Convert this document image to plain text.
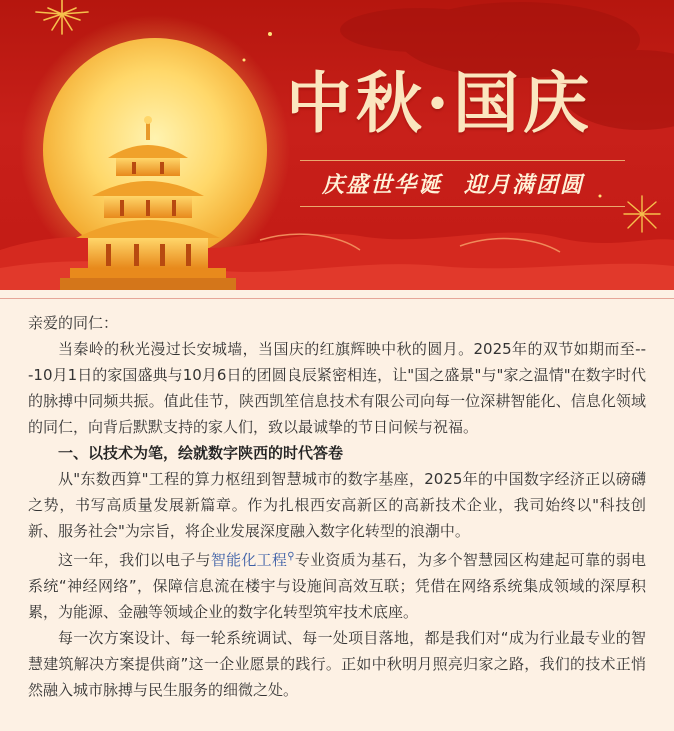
中秋·国庆
庆盛世华诞 迎月满团圆

亲爱的同仁：

当秦岭的秋光漫过长安城墙，当国庆的红旗辉映中秋的圆月。2025年的双节如期而至---10月1日的家国盛典与10月6日的团圆良辰紧密相连，让"国之盛景"与"家之温情"在数字时代的脉搏中同频共振。值此佳节，陕西凯笙信息技术有限公司向每一位深耕智能化、信息化领域的同仁，向背后默默支持的家人们，致以最诚挚的节日问候与祝福。

一、以技术为笔，绘就数字陕西的时代答卷

从"东数西算"工程的算力枢纽到智慧城市的数字基座，2025年的中国数字经济正以磅礴之势，书写高质量发展新篇章。作为扎根西安高新区的高新技术企业，我司始终以"科技创新、服务社会"为宗旨，将企业发展深度融入数字化转型的浪潮中。

这一年，我们以电子与智能化工程⚲专业资质为基石，为多个智慧园区构建起可靠的弱电系统“神经网络”，保障信息流在楼宇与设施间高效互联；凭借在网络系统集成领域的深厚积累，为能源、金融等领域企业的数字化转型筑牢技术底座。

每一次方案设计、每一轮系统调试、每一处项目落地，都是我们对“成为行业最专业的智慧建筑解决方案提供商”这一企业愿景的践行。正如中秋明月照亮归家之路，我们的技术正悄然融入城市脉搏与民生服务的细微之处。
